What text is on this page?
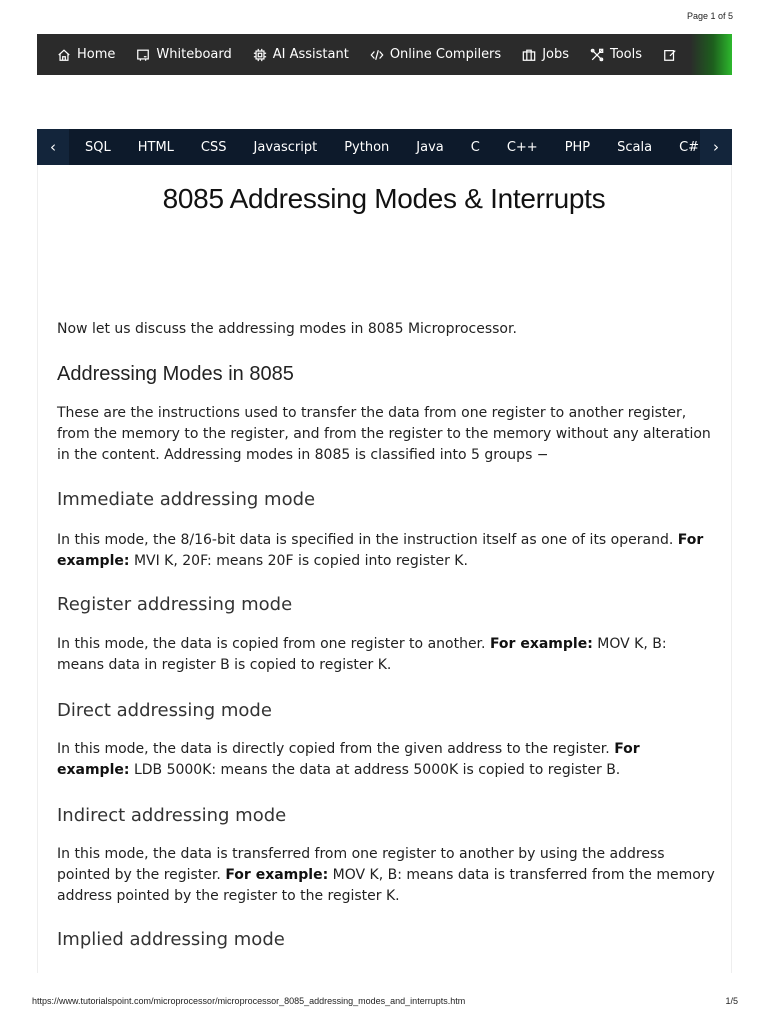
Page 1 of 5
Home	Whiteboard	AI Assistant	Online Compilers	Jobs	Tools
‹	SQL HTML CSS Javascript Python Java C C++ PHP Scala C# ›
8085 Addressing Modes & Interrupts

Now let us discuss the addressing modes in 8085 Microprocessor.

Addressing Modes in 8085

These are the instructions used to transfer the data from one register to another register, from the memory to the register, and from the register to the memory without any alteration in the content. Addressing modes in 8085 is classified into 5 groups −

Immediate addressing mode

In this mode, the 8/16-bit data is specified in the instruction itself as one of its operand. For example: MVI K, 20F: means 20F is copied into register K.

Register addressing mode

In this mode, the data is copied from one register to another. For example: MOV K, B: means data in register B is copied to register K.

Direct addressing mode

In this mode, the data is directly copied from the given address to the register. For example: LDB 5000K: means the data at address 5000K is copied to register B.

Indirect addressing mode

In this mode, the data is transferred from one register to another by using the address pointed by the register. For example: MOV K, B: means data is transferred from the memory address pointed by the register to the register K.

Implied addressing mode
https://www.tutorialspoint.com/microprocessor/microprocessor_8085_addressing_modes_and_interrupts.htm	1/5
